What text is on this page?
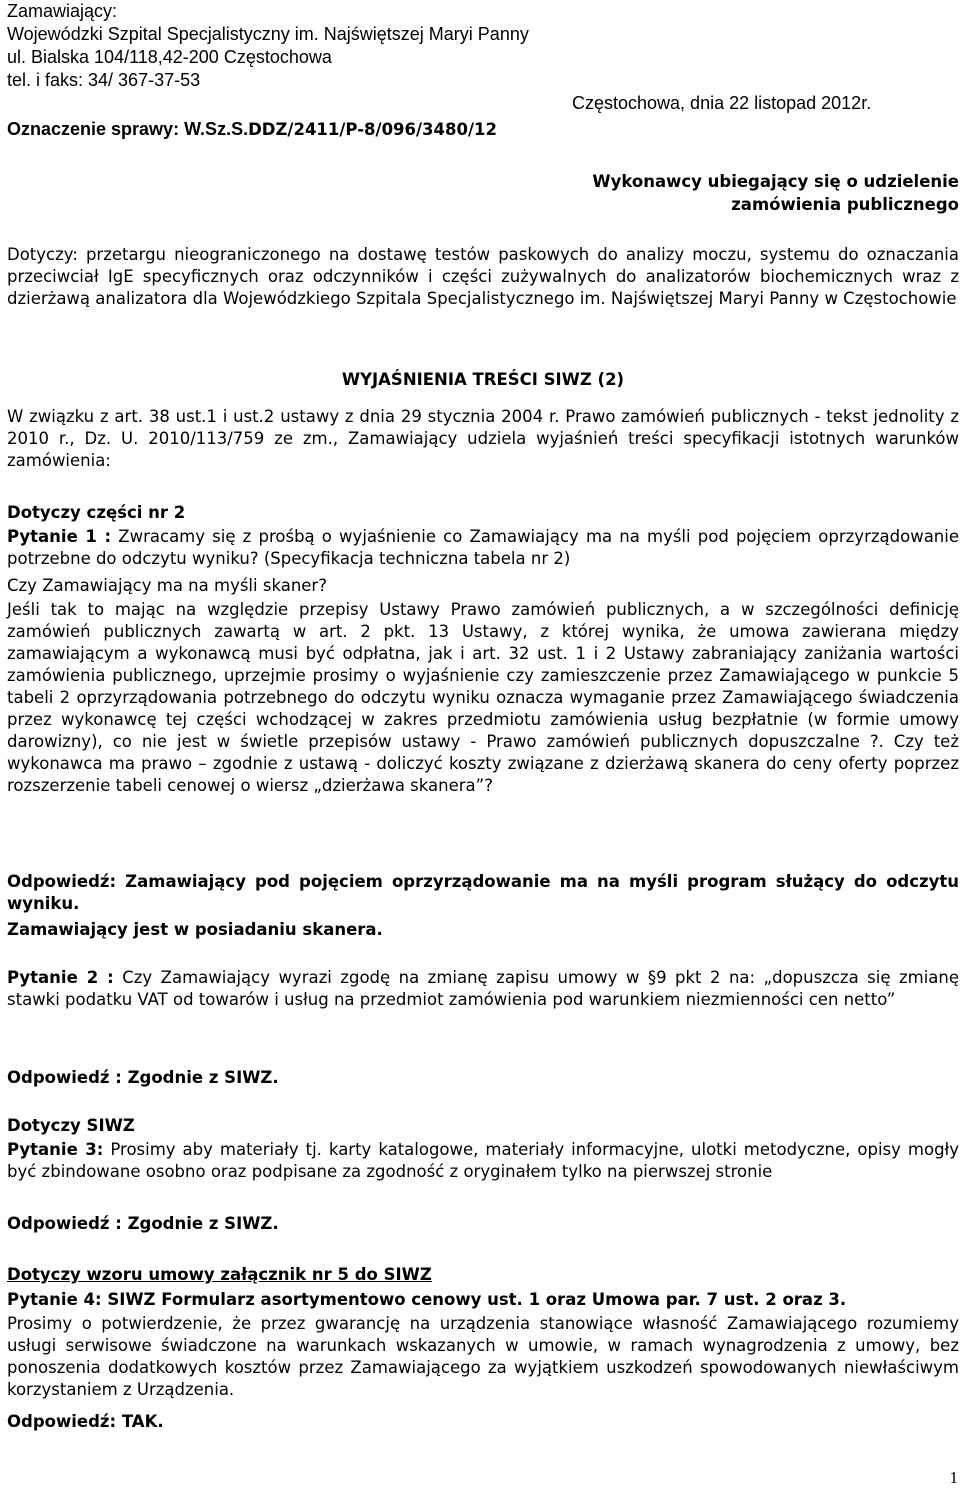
Zamawiający:
Wojewódzki Szpital Specjalistyczny im. Najświętszej Maryi Panny
ul. Bialska 104/118,42-200 Częstochowa
tel. i faks: 34/ 367-37-53
Częstochowa, dnia 22 listopad 2012r.
Oznaczenie sprawy: W.Sz.S.DDZ/2411/P-8/096/3480/12
Wykonawcy ubiegający się o udzielenie
zamówienia publicznego
Dotyczy: przetargu nieograniczonego na dostawę testów paskowych do analizy moczu, systemu do oznaczania przeciwciał IgE specyficznych oraz odczynników i części zużywalnych do analizatorów biochemicznych wraz z dzierżawą analizatora dla Wojewódzkiego Szpitala Specjalistycznego im. Najświętszej Maryi Panny w Częstochowie
WYJAŚNIENIA TREŚCI SIWZ (2)
W związku z art. 38 ust.1 i ust.2 ustawy z dnia 29 stycznia 2004 r. Prawo zamówień publicznych - tekst jednolity z 2010 r., Dz. U. 2010/113/759 ze zm., Zamawiający udziela wyjaśnień treści specyfikacji istotnych warunków zamówienia:
Dotyczy części nr 2
Pytanie 1 : Zwracamy się z prośbą o wyjaśnienie co Zamawiający ma na myśli pod pojęciem oprzyrządowanie potrzebne do odczytu wyniku? (Specyfikacja techniczna tabela nr 2)
Czy Zamawiający ma na myśli skaner?
Jeśli tak to mając na względzie przepisy Ustawy Prawo zamówień publicznych, a w szczególności definicję zamówień publicznych zawartą w art. 2 pkt. 13 Ustawy, z której wynika, że umowa zawierana między zamawiającym a wykonawcą musi być odpłatna, jak i art. 32 ust. 1 i 2 Ustawy zabraniający zaniżania wartości zamówienia publicznego, uprzejmie prosimy o wyjaśnienie czy zamieszczenie przez Zamawiającego w punkcie 5 tabeli 2 oprzyrządowania potrzebnego do odczytu wyniku oznacza wymaganie przez Zamawiającego świadczenia przez wykonawcę tej części wchodzącej w zakres przedmiotu zamówienia usług bezpłatnie (w formie umowy darowizny), co nie jest w świetle przepisów ustawy - Prawo zamówień publicznych dopuszczalne ?. Czy też wykonawca ma prawo – zgodnie z ustawą - doliczyć koszty związane z dzierżawą skanera do ceny oferty poprzez rozszerzenie tabeli cenowej o wiersz „dzierżawa skanera”?
Odpowiedź: Zamawiający pod pojęciem oprzyrządowanie ma na myśli program służący do odczytu wyniku.
Zamawiający jest w posiadaniu skanera.
Pytanie 2 : Czy Zamawiający wyrazi zgodę na zmianę zapisu umowy w §9 pkt 2 na: „dopuszcza się zmianę stawki podatku VAT od towarów i usług na przedmiot zamówienia pod warunkiem niezmienności cen netto”
Odpowiedź : Zgodnie z SIWZ.
Dotyczy SIWZ
Pytanie 3: Prosimy aby materiały tj. karty katalogowe, materiały informacyjne, ulotki metodyczne, opisy mogły być zbindowane osobno oraz podpisane za zgodność z oryginałem tylko na pierwszej stronie
Odpowiedź : Zgodnie z SIWZ.
Dotyczy wzoru umowy załącznik nr 5 do SIWZ
Pytanie 4: SIWZ Formularz asortymentowo cenowy ust. 1 oraz Umowa par. 7 ust. 2 oraz 3.
Prosimy o potwierdzenie, że przez gwarancję na urządzenia stanowiące własność Zamawiającego rozumiemy usługi serwisowe świadczone na warunkach wskazanych w umowie, w ramach wynagrodzenia z umowy, bez ponoszenia dodatkowych kosztów przez Zamawiającego za wyjątkiem uszkodzeń spowodowanych niewłaściwym korzystaniem z Urządzenia.
Odpowiedź: TAK.
1
